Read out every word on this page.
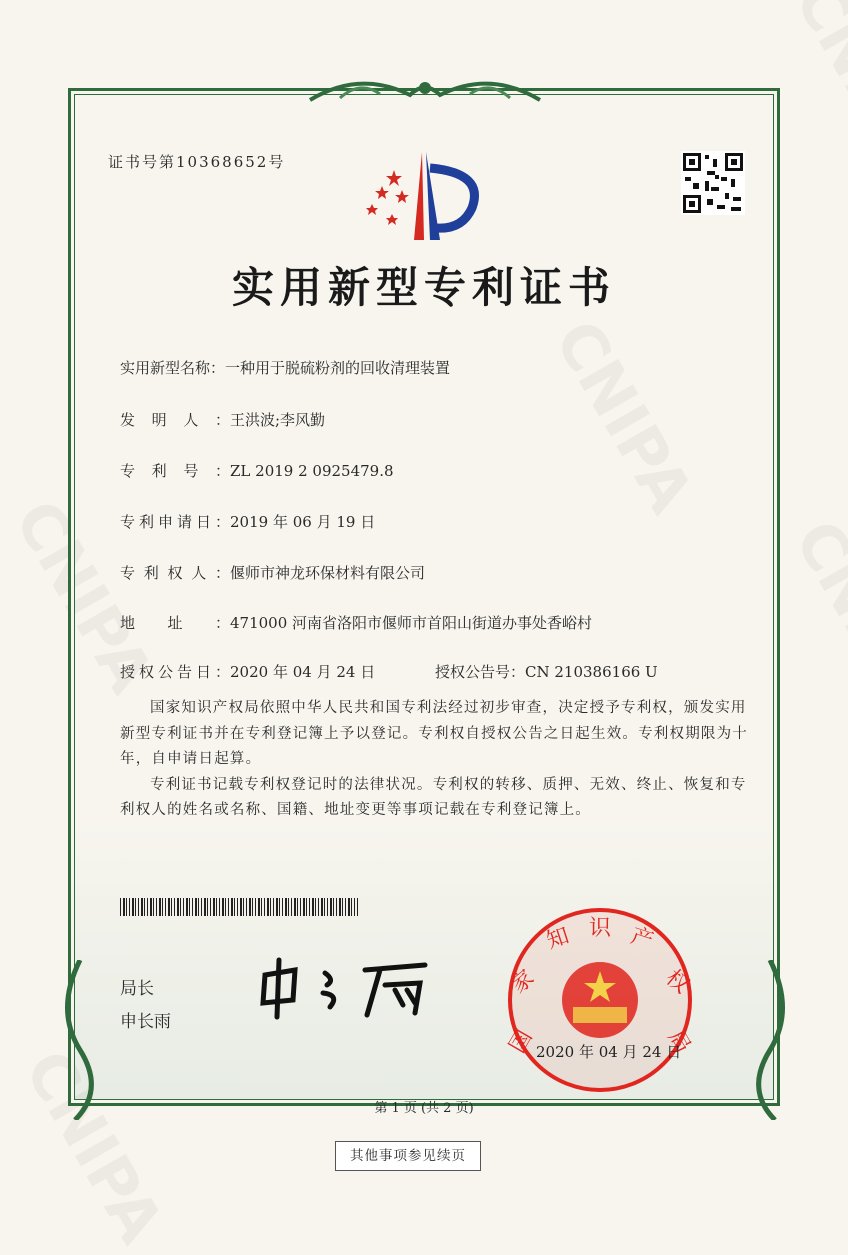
证书号第10368652号
实用新型专利证书
实用新型名称：一种用于脱硫粉剂的回收清理装置
发明人：王洪波;李风勤
专利号：ZL 2019 2 0925479.8
专利申请日：2019 年 06 月 19 日
专利权人：偃师市神龙环保材料有限公司
地址：471000 河南省洛阳市偃师市首阳山街道办事处香峪村
授权公告日：2020 年 04 月 24 日	授权公告号：CN 210386166 U
国家知识产权局依照中华人民共和国专利法经过初步审查，决定授予专利权，颁发实用
新型专利证书并在专利登记簿上予以登记。专利权自授权公告之日起生效。专利权期限为十
年，自申请日起算。
专利证书记载专利权登记时的法律状况。专利权的转移、质押、无效、终止、恢复和专
利权人的姓名或名称、国籍、地址变更等事项记载在专利登记簿上。
局长
申长雨
国
家
知 识 产
权
局
2020 年 04 月 24 日
第 1 页 (共 2 页)
其他事项参见续页
